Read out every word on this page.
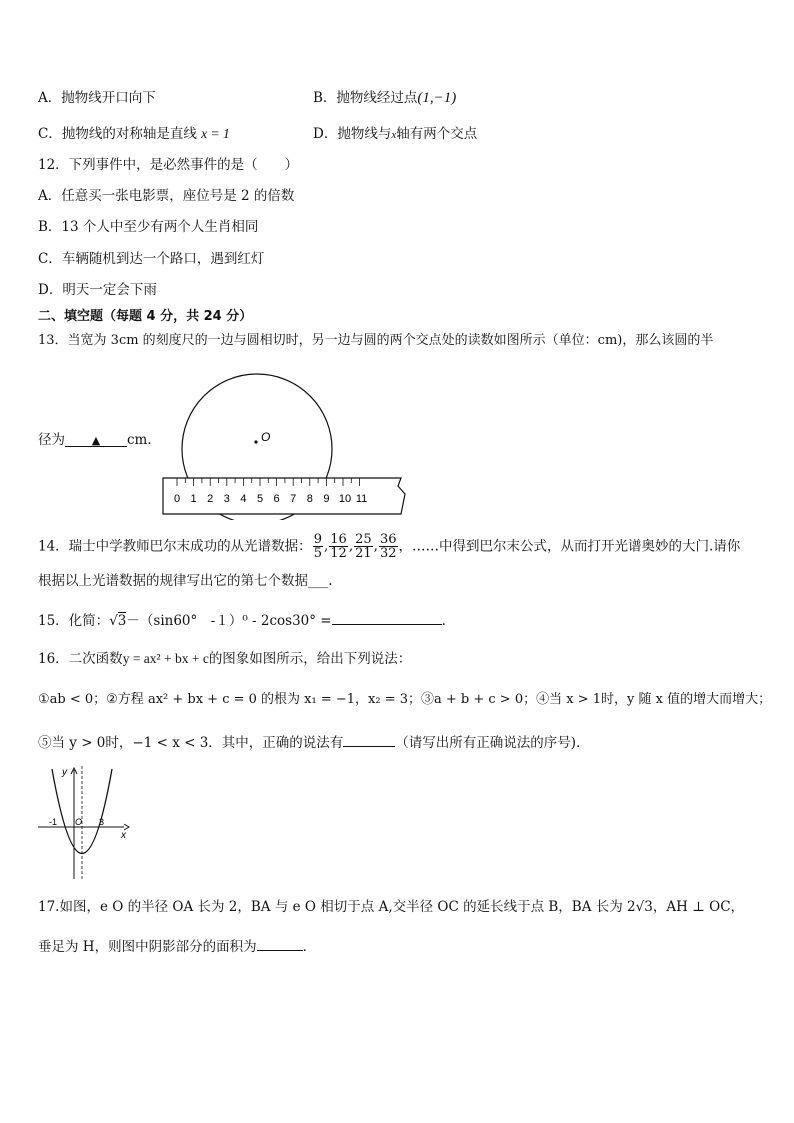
A．抛物线开口向下	B．抛物线经过点(1,−1)
C．抛物线的对称轴是直线 x = 1	D．抛物线与x轴有两个交点
12．下列事件中，是必然事件的是（　　）
A．任意买一张电影票，座位号是 2 的倍数
B．13 个人中至少有两个人生肖相同
C．车辆随机到达一个路口，遇到红灯
D．明天一定会下雨
二、填空题（每题 4 分，共 24 分）
13．当宽为 3cm 的刻度尺的一边与圆相切时，另一边与圆的两个交点处的读数如图所示（单位：cm)，那么该圆的半
径为 ▲ cm．	O
0 1 2 3 4 5 6 7 8 9 10 11
14．瑞士中学教师巴尔末成功的从光谱数据： $\frac{9}{5}$ , $\frac{16}{12}$ , $\frac{25}{21}$ , $\frac{36}{32}$ ，……中得到巴尔末公式，从而打开光谱奥妙的大门.请你
根据以上光谱数据的规律写出它的第七个数据___.
15．化简：√3－（sin60°　-１）⁰ - 2cos30° =	．
16．二次函数y = ax² + bx + c的图象如图所示，给出下列说法：
①ab < 0；②方程 ax² + bx + c = 0 的根为 x₁ = −1，x₂ = 3；③a + b + c > 0；④当 x > 1时，y 随 x 值的增大而增大；
⑤当 y > 0时，−1 < x < 3．其中，正确的说法有	（请写出所有正确说法的序号)．
y
x
O
-1	3
17.如图，e O 的半径 OA 长为 2，BA 与 e O 相切于点 A,交半径 OC 的延长线于点 B，BA 长为 2√3，AH ⊥ OC，
垂足为 H，则图中阴影部分的面积为	．
